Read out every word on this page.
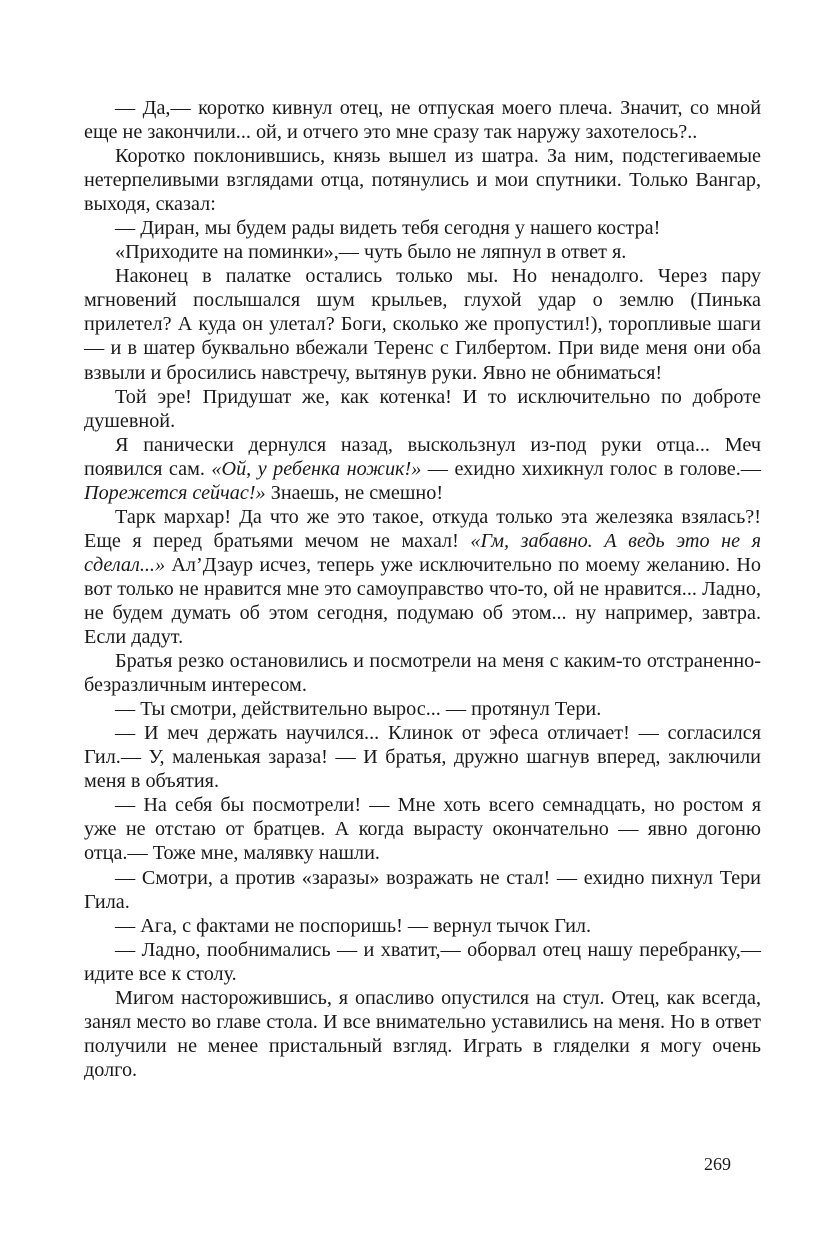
— Да,— коротко кивнул отец, не отпуская моего плеча. Значит, со мной еще не закончили... ой, и отчего это мне сразу так наружу захотелось?..

Коротко поклонившись, князь вышел из шатра. За ним, подстегиваемые нетерпеливыми взглядами отца, потянулись и мои спутники. Только Вангар, выходя, сказал:

— Диран, мы будем рады видеть тебя сегодня у нашего костра!

«Приходите на поминки»,— чуть было не ляпнул в ответ я.

Наконец в палатке остались только мы. Но ненадолго. Через пару мгновений послышался шум крыльев, глухой удар о землю (Пинька прилетел? А куда он улетал? Боги, сколько же пропустил!), торопливые шаги — и в шатер буквально вбежали Теренс с Гилбертом. При виде меня они оба взвыли и бросились навстречу, вытянув руки. Явно не обниматься!

Той эре! Придушат же, как котенка! И то исключительно по доброте душевной.

Я панически дернулся назад, выскользнул из-под руки отца... Меч появился сам. «Ой, у ребенка ножик!» — ехидно хихикнул голос в голове.— Порежется сейчас!» Знаешь, не смешно!

Тарк мархар! Да что же это такое, откуда только эта железяка взялась?! Еще я перед братьями мечом не махал! «Гм, забавно. А ведь это не я сделал...» Ал’Дзаур исчез, теперь уже исключительно по моему желанию. Но вот только не нравится мне это самоуправство что-то, ой не нравится... Ладно, не будем думать об этом сегодня, подумаю об этом... ну например, завтра. Если дадут.

Братья резко остановились и посмотрели на меня с каким-то отстраненно-безразличным интересом.

— Ты смотри, действительно вырос... — протянул Тери.

— И меч держать научился... Клинок от эфеса отличает! — согласился Гил.— У, маленькая зараза! — И братья, дружно шагнув вперед, заключили меня в объятия.

— На себя бы посмотрели! — Мне хоть всего семнадцать, но ростом я уже не отстаю от братцев. А когда вырасту окончательно — явно догоню отца.— Тоже мне, малявку нашли.

— Смотри, а против «заразы» возражать не стал! — ехидно пихнул Тери Гила.

— Ага, с фактами не поспоришь! — вернул тычок Гил.

— Ладно, пообнимались — и хватит,— оборвал отец нашу перебранку,— идите все к столу.

Мигом насторожившись, я опасливо опустился на стул. Отец, как всегда, занял место во главе стола. И все внимательно уставились на меня. Но в ответ получили не менее пристальный взгляд. Играть в гляделки я могу очень долго.

269
